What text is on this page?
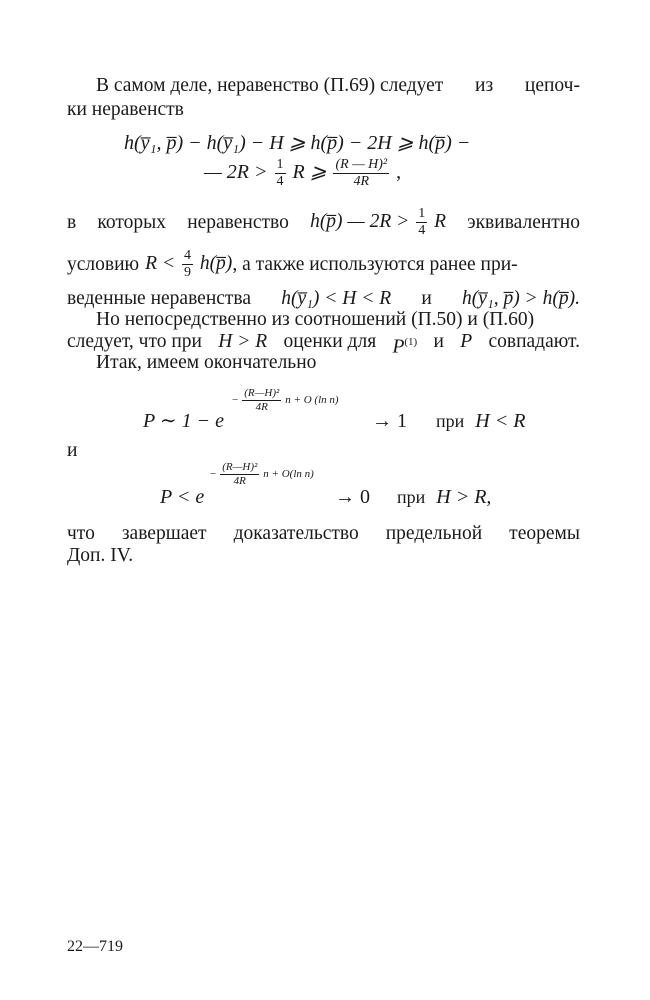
В самом деле, неравенство (П.69) следует из цепоч-
ки неравенств
h(y̅₁, p̅) − h(y̅₁) − H ⩾ h(p̅) − 2H ⩾ h(p̅) −
— $2R > \frac{1}{4}$ R ⩾ $\frac{\text{(R — H)²}}{4R}$ ,
в которых неравенство h(p̅) — $2R > \frac{1}{4}$ R эквивалентно
условию $R < \frac{4}{9}$ h(p̅) , а также используются ранее при-
веденные неравенства h(y̅₁) < H < R и h(y̅₁, p̅) > h(p̅).
Но непосредственно из соотношений (П.50) и (П.60)
следует, что при H > R оценки для $P^{(1)}$ и P совпадают.
Итак, имеем окончательно
− $\frac{\text{(R—H)²}}{4R}$ n + O (ln n)
P ∼ 1 − e	→ 1 при H < R
и
− $\frac{\text{(R—H)²}}{4R}$ n + O(ln n)
P < e	→ 0 при H > R,
что завершает доказательство предельной теоремы
Доп. IV.
22—719
